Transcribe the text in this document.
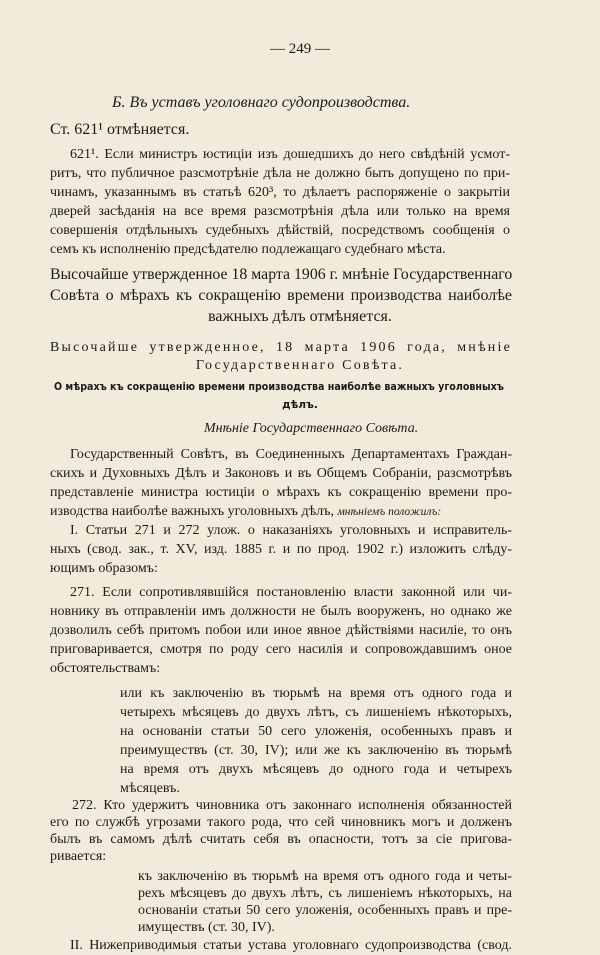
— 249 —
Б. Въ уставъ уголовнаго судопроизводства.
Ст. 621¹ отмѣняется.
621¹. Если министръ юстиціи изъ дошедшихъ до него свѣдѣній усмот-
ритъ, что публичное разсмотрѣніе дѣла не должно быть допущено по при-
чинамъ, указаннымъ въ статьѣ 620³, то дѣлаетъ распоряженіе о закрытіи
дверей засѣданія на все время разсмотрѣнія дѣла или только на время
совершенія отдѣльныхъ судебныхъ дѣйствій, посредствомъ сообщенія о
семъ къ исполненію предсѣдателю подлежащаго судебнаго мѣста.
Высочайше утвержденное 18 марта 1906 г. мнѣніе Государственнаго
Совѣта о мѣрахъ къ сокращенію времени производства наиболѣе
важныхъ дѣлъ отмѣняется.
Высочайше утвержденное, 18 марта 1906 года, мнѣніе
Государственнаго Совѣта.
О мѣрахъ къ сокращенію времени производства наиболѣе важныхъ уголовныхъ
дѣлъ.
Мнѣніе Государственнаго Совѣта.
Государственный Совѣтъ, въ Соединенныхъ Департаментахъ Граждан-
скихъ и Духовныхъ Дѣлъ и Законовъ и въ Общемъ Собраніи, разсмотрѣвъ
представленіе министра юстиціи о мѣрахъ къ сокращенію времени про-
изводства наиболѣе важныхъ уголовныхъ дѣлъ, мнѣніемъ положилъ:
I. Статьи 271 и 272 улож. о наказаніяхъ уголовныхъ и исправитель-
ныхъ (свод. зак., т. XV, изд. 1885 г. и по прод. 1902 г.) изложить слѣду-
ющимъ образомъ:
271. Если сопротивлявшійся постановленію власти законной или чи-
новнику въ отправленіи имъ должности не былъ вооруженъ, но однако же
дозволилъ себѣ притомъ побои или иное явное дѣйствіями насиліе, то онъ
приговаривается, смотря по роду сего насилія и сопровождавшимъ оное
обстоятельствамъ:
или къ заключенію въ тюрьмѣ на время отъ одного года и
четырехъ мѣсяцевъ до двухъ лѣтъ, съ лишеніемъ нѣкоторыхъ,
на основаніи статьи 50 сего уложенія, особенныхъ правъ и
преимуществъ (ст. 30, IV); или же къ заключенію въ тюрьмѣ
на время отъ двухъ мѣсяцевъ до одного года и четырехъ
мѣсяцевъ.
272. Кто удержитъ чиновника отъ законнаго исполненія обязанностей
его по службѣ угрозами такого рода, что сей чиновникъ могъ и долженъ
былъ въ самомъ дѣлѣ считать себя въ опасности, тотъ за сіе пригова-
ривается:
къ заключенію въ тюрьмѣ на время отъ одного года и четы-
рехъ мѣсяцевъ до двухъ лѣтъ, съ лишеніемъ нѣкоторыхъ, на
основаніи статьи 50 сего уложенія, особенныхъ правъ и пре-
имуществъ (ст. 30, IV).
II. Нижеприводимыя статьи устава уголовнаго судопроизводства (свод.
